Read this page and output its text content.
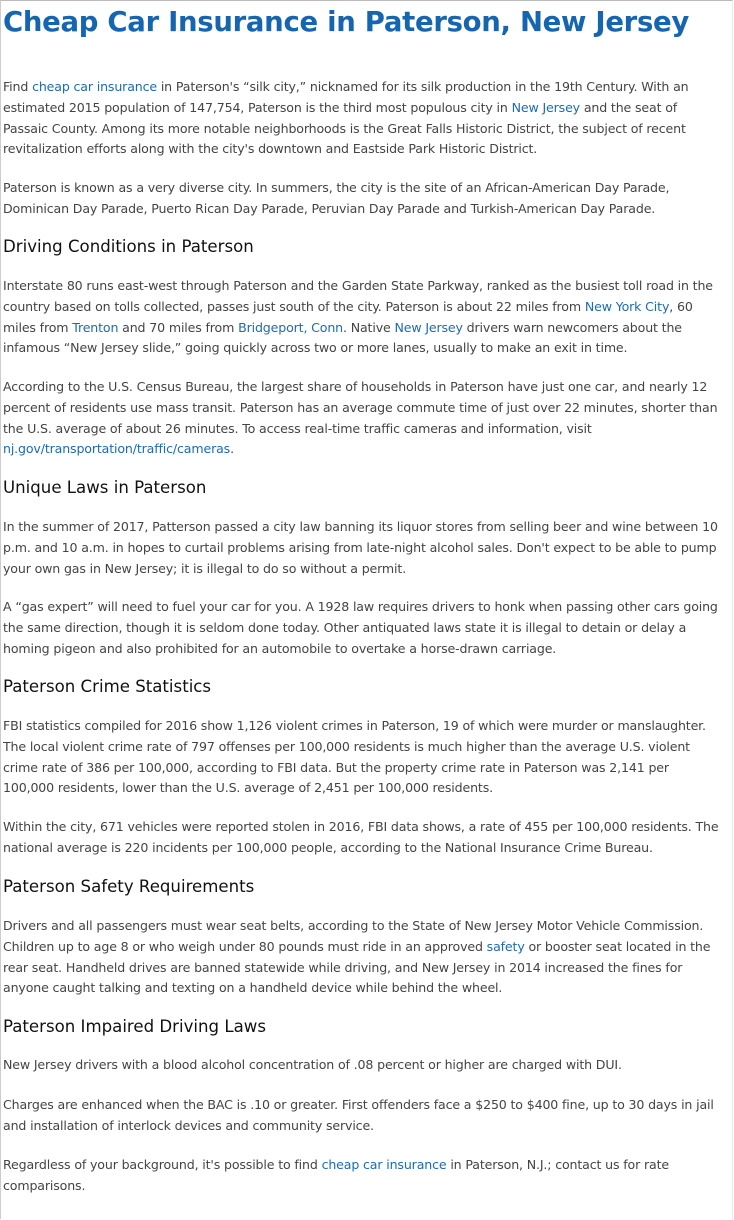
Cheap Car Insurance in Paterson, New Jersey

Find cheap car insurance in Paterson's “silk city,” nicknamed for its silk production in the 19th Century. With an estimated 2015 population of 147,754, Paterson is the third most populous city in New Jersey and the seat of Passaic County. Among its more notable neighborhoods is the Great Falls Historic District, the subject of recent revitalization efforts along with the city's downtown and Eastside Park Historic District.

Paterson is known as a very diverse city. In summers, the city is the site of an African-American Day Parade, Dominican Day Parade, Puerto Rican Day Parade, Peruvian Day Parade and Turkish-American Day Parade.

Driving Conditions in Paterson

Interstate 80 runs east-west through Paterson and the Garden State Parkway, ranked as the busiest toll road in the country based on tolls collected, passes just south of the city. Paterson is about 22 miles from New York City, 60 miles from Trenton and 70 miles from Bridgeport, Conn. Native New Jersey drivers warn newcomers about the infamous “New Jersey slide,” going quickly across two or more lanes, usually to make an exit in time.

According to the U.S. Census Bureau, the largest share of households in Paterson have just one car, and nearly 12 percent of residents use mass transit. Paterson has an average commute time of just over 22 minutes, shorter than the U.S. average of about 26 minutes. To access real-time traffic cameras and information, visit nj.gov/transportation/traffic/cameras.

Unique Laws in Paterson

In the summer of 2017, Patterson passed a city law banning its liquor stores from selling beer and wine between 10 p.m. and 10 a.m. in hopes to curtail problems arising from late-night alcohol sales. Don't expect to be able to pump your own gas in New Jersey; it is illegal to do so without a permit.

A “gas expert” will need to fuel your car for you. A 1928 law requires drivers to honk when passing other cars going the same direction, though it is seldom done today. Other antiquated laws state it is illegal to detain or delay a homing pigeon and also prohibited for an automobile to overtake a horse-drawn carriage.

Paterson Crime Statistics

FBI statistics compiled for 2016 show 1,126 violent crimes in Paterson, 19 of which were murder or manslaughter. The local violent crime rate of 797 offenses per 100,000 residents is much higher than the average U.S. violent crime rate of 386 per 100,000, according to FBI data. But the property crime rate in Paterson was 2,141 per 100,000 residents, lower than the U.S. average of 2,451 per 100,000 residents.

Within the city, 671 vehicles were reported stolen in 2016, FBI data shows, a rate of 455 per 100,000 residents. The national average is 220 incidents per 100,000 people, according to the National Insurance Crime Bureau.

Paterson Safety Requirements

Drivers and all passengers must wear seat belts, according to the State of New Jersey Motor Vehicle Commission. Children up to age 8 or who weigh under 80 pounds must ride in an approved safety or booster seat located in the rear seat. Handheld drives are banned statewide while driving, and New Jersey in 2014 increased the fines for anyone caught talking and texting on a handheld device while behind the wheel.

Paterson Impaired Driving Laws

New Jersey drivers with a blood alcohol concentration of .08 percent or higher are charged with DUI.

Charges are enhanced when the BAC is .10 or greater. First offenders face a $250 to $400 fine, up to 30 days in jail and installation of interlock devices and community service.

Regardless of your background, it's possible to find cheap car insurance in Paterson, N.J.; contact us for rate comparisons.
